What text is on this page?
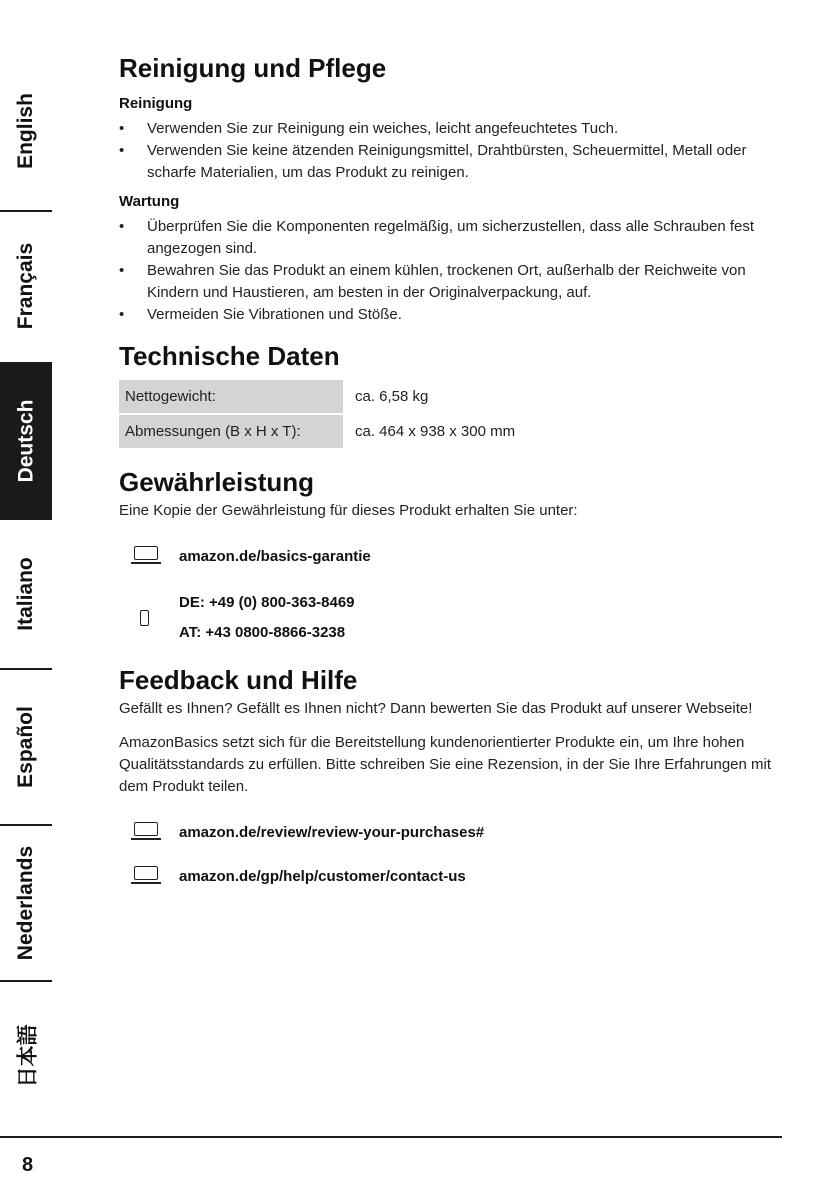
English
Français
Deutsch
Italiano
Español
Nederlands
日本語
Reinigung und Pflege
Reinigung
• Verwenden Sie zur Reinigung ein weiches, leicht angefeuchtetes Tuch.
• Verwenden Sie keine ätzenden Reinigungsmittel, Drahtbürsten, Scheuermittel, Metall oder scharfe Materialien, um das Produkt zu reinigen.
Wartung
• Überprüfen Sie die Komponenten regelmäßig, um sicherzustellen, dass alle Schrauben fest angezogen sind.
• Bewahren Sie das Produkt an einem kühlen, trockenen Ort, außerhalb der Reichweite von Kindern und Haustieren, am besten in der Originalverpackung, auf.
• Vermeiden Sie Vibrationen und Stöße.
Technische Daten
Nettogewicht:	ca. 6,58 kg
Abmessungen (B x H x T):	ca. 464 x 938 x 300 mm
Gewährleistung

Eine Kopie der Gewährleistung für dieses Produkt erhalten Sie unter:

amazon.de/basics-garantie
DE: +49 (0) 800-363-8469
AT: +43 0800-8866-3238
Feedback und Hilfe

Gefällt es Ihnen? Gefällt es Ihnen nicht? Dann bewerten Sie das Produkt auf unserer Webseite!

AmazonBasics setzt sich für die Bereitstellung kundenorientierter Produkte ein, um Ihre hohen Qualitätsstandards zu erfüllen. Bitte schreiben Sie eine Rezension, in der Sie Ihre Erfahrungen mit dem Produkt teilen.

amazon.de/review/review-your-purchases#
amazon.de/gp/help/customer/contact-us
8
